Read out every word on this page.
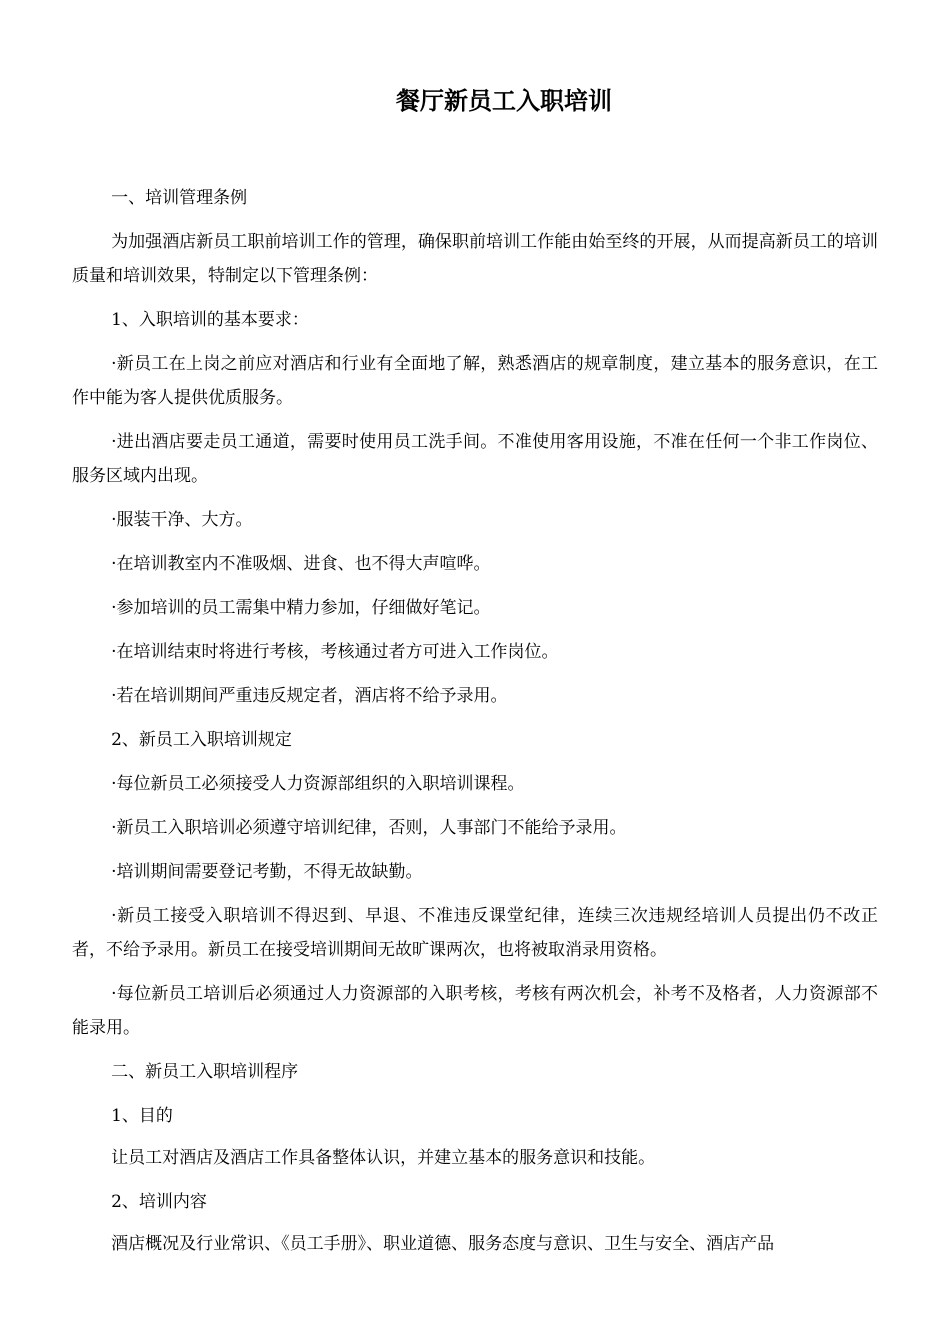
餐厅新员工入职培训

一、培训管理条例

为加强酒店新员工职前培训工作的管理，确保职前培训工作能由始至终的开展，从而提高新员工的培训质量和培训效果，特制定以下管理条例：

1、入职培训的基本要求：

·新员工在上岗之前应对酒店和行业有全面地了解，熟悉酒店的规章制度，建立基本的服务意识，在工作中能为客人提供优质服务。

·进出酒店要走员工通道，需要时使用员工洗手间。不准使用客用设施，不准在任何一个非工作岗位、服务区域内出现。

·服装干净、大方。

·在培训教室内不准吸烟、进食、也不得大声喧哗。

·参加培训的员工需集中精力参加，仔细做好笔记。

·在培训结束时将进行考核，考核通过者方可进入工作岗位。

·若在培训期间严重违反规定者，酒店将不给予录用。

2、新员工入职培训规定

·每位新员工必须接受人力资源部组织的入职培训课程。

·新员工入职培训必须遵守培训纪律，否则，人事部门不能给予录用。

·培训期间需要登记考勤，不得无故缺勤。

·新员工接受入职培训不得迟到、早退、不准违反课堂纪律，连续三次违规经培训人员提出仍不改正者，不给予录用。新员工在接受培训期间无故旷课两次，也将被取消录用资格。

·每位新员工培训后必须通过人力资源部的入职考核，考核有两次机会，补考不及格者，人力资源部不能录用。

二、新员工入职培训程序

1、目的

让员工对酒店及酒店工作具备整体认识，并建立基本的服务意识和技能。

2、培训内容

酒店概况及行业常识、《员工手册》、职业道德、服务态度与意识、卫生与安全、酒店产品
